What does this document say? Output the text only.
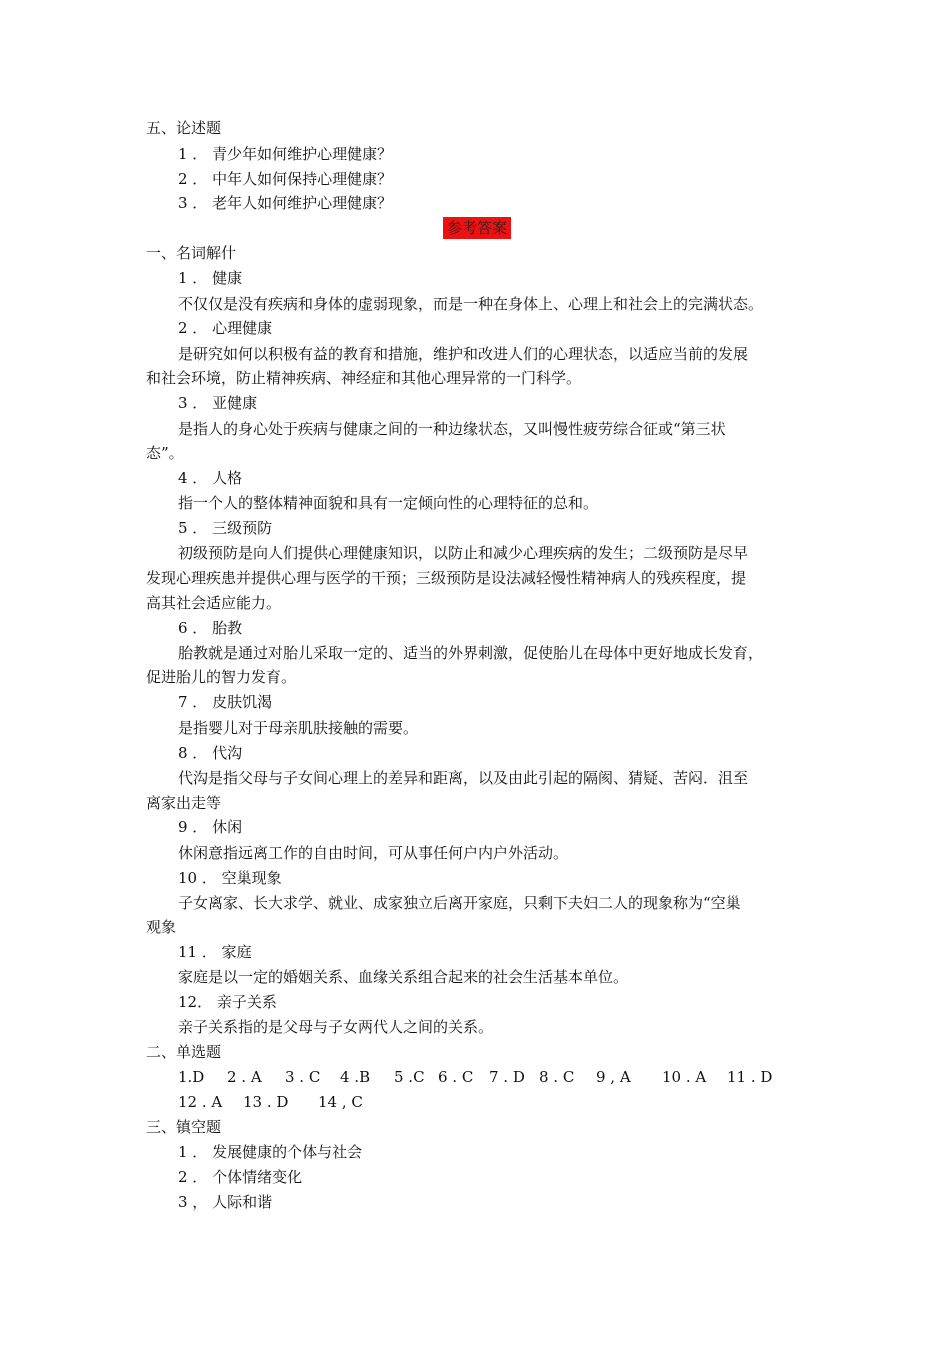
五、论述题
1 ． 青少年如何维护心理健康？
2 ． 中年人如何保持心理健康？
3 ． 老年人如何维护心理健康？
参考答案
一、名词解什
1 ． 健康
不仅仅是没有疾病和身体的虚弱现象，而是一种在身体上、心理上和社会上的完满状态。
2 ． 心理健康
是研究如何以积极有益的教育和措施，维护和改进人们的心理状态，以适应当前的发展
和社会环境，防止精神疾病、神经症和其他心理异常的一门科学。
3 ． 亚健康
是指人的身心处于疾病与健康之间的一种边缘状态，又叫慢性疲劳综合征或“第三状
态”。
4 ． 人格
指一个人的整体精神面貌和具有一定倾向性的心理特征的总和。
5 ． 三级预防
初级预防是向人们提供心理健康知识，以防止和减少心理疾病的发生；二级预防是尽早
发现心理疾患并提供心理与医学的干预；三级预防是设法减轻慢性精神病人的残疾程度，提
高其社会适应能力。
6 ． 胎教
胎教就是通过对胎儿采取一定的、适当的外界刺激，促使胎儿在母体中更好地成长发育，
促进胎儿的智力发育。
7 ． 皮肤饥渴
是指婴儿对于母亲肌肤接触的需要。
8 ． 代沟
代沟是指父母与子女间心理上的差异和距离，以及由此引起的隔阂、猜疑、苦闷．沮至
离家出走等
9 ． 休闲
休闲意指远离工作的自由时间，可从事任何户内户外活动。
10 ． 空巢现象
子女离家、长大求学、就业、成家独立后离开家庭，只剩下夫妇二人的现象称为“空巢
观象
11 ． 家庭
家庭是以一定的婚姻关系、血缘关系组合起来的社会生活基本单位。
12． 亲子关系
亲子关系指的是父母与子女两代人之间的关系。
二、单选题
1.D 2 . A 3 . C 4 .B 5 .C 6 . C 7 . D 8 . C 9 , A 10 . A 11 . D
12 . A 13 . D 14 , C
三、镇空题
1 ． 发展健康的个体与社会
2 ． 个体情绪变化
3 ， 人际和谐
